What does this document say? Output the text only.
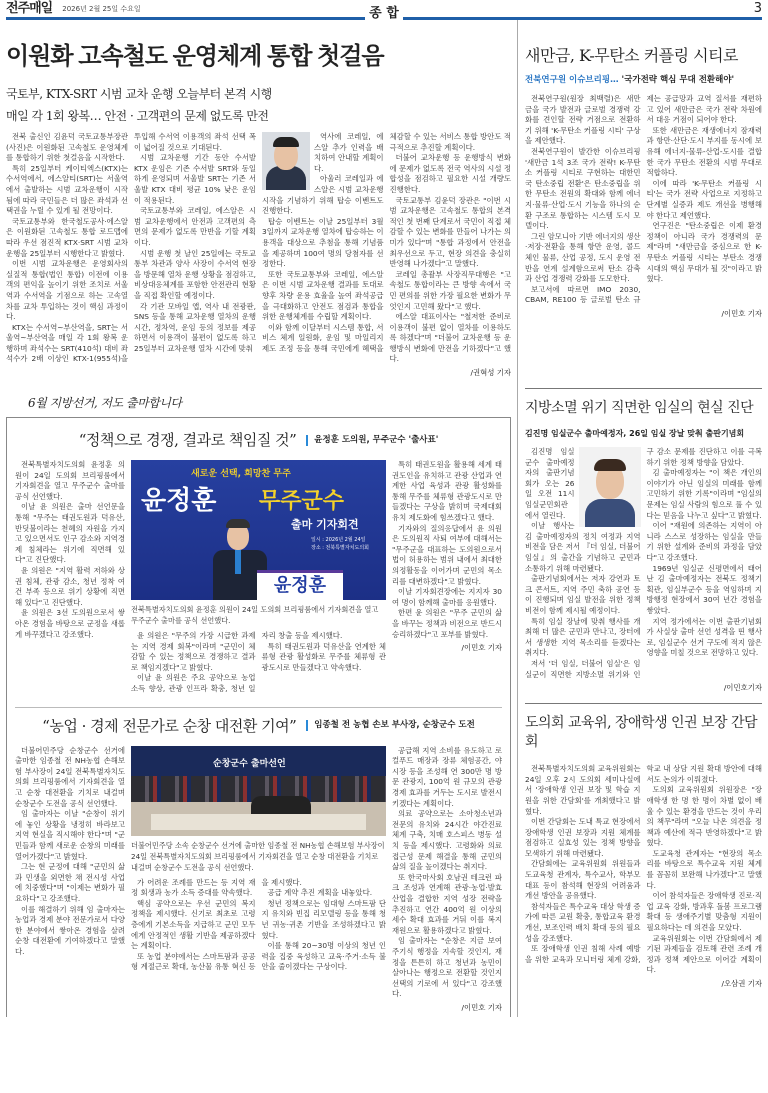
전주매일 2026년 2월 25일 수요일	종 합	3
이원화 고속철도 운영체계 통합 첫걸음
국토부, KTX-SRT 시범 교차 운행 오늘부터 본격 시행
매일 각 1회 왕복… 안전 · 고객편의 문제 없도록 만전

전북 출신인 김윤덕 국토교통부장관(사진)은 이원화된 고속철도 운영체계를 통합하기 위한 첫걸음을 시작한다.

특히 25일부터 케이티엑스(KTX)는 수서역에서, 에스알티(SRT)는 서울역에서 출발하는 시범 교차운행이 시작됨에 따라 국민들은 더 많은 좌석과 선택권을 누릴 수 있게 될 전망이다.

국토교통부와 한국철도공사·에스알은 이원화된 고속철도 통합 로드맵에 따라 우선 점진적 KTX·SRT 시범 교차운행을 25일부터 시행한다고 밝혔다.

이번 시범 교차운행은 운영회사의 실질적 통합(법인 통합) 이전에 이용객의 편익을 높이기 위한 조치로 서울역과 수서역을 기점으로 하는 고속열차를 교차 투입하는 것이 핵심 과정이다.

KTX는 수서역~부산역을, SRT는 서울역~부산역을 매일 각 1회 왕복 운행하며 좌석수는 SRT(410석) 대비 좌석수가 2배 이상인 KTX-1(955석)을 투입해 수서역 이용객의 좌석 선택 폭이 넓어질 것으로 기대된다.

시범 교차운행 기간 동안 수서발 KTX 운임은 기존 수서발 SRT와 동일하게 운영되며 서울발 SRT는 기존 서울발 KTX 대비 평균 10% 낮은 운임이 적용된다.

국토교통부와 코레일, 에스알은 시범 교차운행에서 안전과 고객편의 측면의 문제가 없도록 만반을 기할 계획이다.

시범 운행 첫 날인 25일에는 국토교통부 차관과 양사 사장이 수서역 현장을 방문해 열차 운행 상황을 점검하고, 비상대응체계를 포함한 안전관리 현황을 직접 확인할 예정이다.

각 기관 모바일 앱, 역사 내 전광판, SNS 등을 통해 교차운행 열차의 운행 시간, 정차역, 운임 등의 정보를 제공하면서 이용객이 불편이 없도록 하고 25일부터 교차운행 열차 시간에 맞춰

역사에 코레일, 에스알 추가 인력을 배치하여 안내할 계획이다.

아울러 코레일과 에스알은 시범 교차운행 시작을 기념하기 위해 탑승 이벤트도 진행한다.

탑승 이벤트는 이날 25일부터 3월 3일까지 교차운행 열차에 탑승하는 이용객을 대상으로 추첨을 통해 기념품을 제공하며 100여 명의 당첨자를 선정한다.

또한 국토교통부와 코레일, 에스알은 이번 시범 교차운행 결과를 토대로 향후 차량 운용 효율을 높여 좌석공급을 극대화하고 안전도 점검과 통합을 위한 운행체계를 수립할 계획이다.

이와 함께 이달부터 시스템 통합, 서비스 체계 일원화, 운임 및 마일리지 제도 조정 등을 통해 국민에게 혜택을 체감할 수 있는 서비스 통합 방안도 적극적으로 추진할 계획이다.

더불어 교차운행 등 운행방식 변화에 문제가 없도록 전국 역사의 시설 정합성을 점검하고 필요한 시설 개량도 진행한다.

국토교통부 김윤덕 장관은 "이번 시범 교차운행은 고속철도 통합의 본격적인 첫 번째 단계로서 국민이 직접 체감할 수 있는 변화를 만들어 나가는 의미가 있다"며 "통합 과정에서 안전을 최우선으로 두고, 현장 의견을 충실히 반영해 나가겠다"고 말했다.

코레일 총괄부 사장직무대행은 "고속철도 통합이라는 큰 방향 속에서 국민 편의를 위한 가장 필요한 변화가 무엇인지 고민해 왔다"고 했다.

에스알 대표이사는 "철저한 준비로 이용객이 불편 없이 열차를 이용하도록 하겠다"며 "더불어 교차운행 등 운행방식 변화에 만전을 기하겠다"고 했다.

/권혁성 기자
새만금, K-무탄소 커플링 시티로
전북연구원 이슈브리핑… '국가전략 핵심 무대 전환해야'

전북연구원(원장 최백렬)은 새만금을 국가 발전과 글로벌 경쟁력 강화를 견인할 전략 거점으로 전환하기 위해 'K-무탄소 커플링 시티' 구상을 제안했다.

전북연구원이 발간한 이슈브리핑 '새만금 1석 3조 국가 전략! K-무탄소 커플링 시티로 구현하는 대한민국 탄소중립 전환'은 탄소중립을 위한 무탄소 전원의 확대와 함께 에너지·물류·산업·도시 기능을 하나의 순환 구조로 통합하는 시스템 도시 모델이다.

그린 암모니아 기반 에너지의 생산·저장·전환을 통해 항만 운영, 콜드체인 물류, 산업 공정, 도시 운영 전반을 연계 설계함으로써 탄소 감축과 산업 경쟁력 강화를 도모한다.

보고서에 따르면 IMO 2030, CBAM, RE100 등 글로벌 탄소 규제는 공급망과 교역 질서를 재편하고 있어 새만금은 국가 전략 차원에서 대응 거점이 되어야 한다.

또한 새만금은 재생에너지 잠재력과 항만·산단·도시 부지를 동시에 보유해 에너지-물류-산업-도시를 결합한 국가 무탄소 전환의 시범 무대로 적합하다.

이에 따라 'K-무탄소 커플링 시티'는 국가 전략 사업으로 지정하고 단계별 실증과 제도 개선을 병행해야 한다고 제언했다.

연구진은 "탄소중립은 이제 환경 정책이 아니라 국가 경쟁력의 문제"라며 "새만금을 중심으로 한 K-무탄소 커플링 시티는 부탄소 경쟁 시대의 핵심 무대가 될 것"이라고 밝혔다.

/이민호 기자
6월 지방선거, 저도 출마합니다
“정책으로 경쟁, 결과로 책임질 것”	윤정훈 도의원, 무주군수 '출사표'

전북특별자치도의회 윤정훈 의원이 24일 도의회 브리핑룸에서 기자회견을 열고 무주군수 출마를 공식 선언했다.

이날 윤 의원은 출마 선언문을 통해 "무주는 태권도원과 덕유산, 반딧불이라는 천혜의 자원을 가지고 있으면서도 인구 감소와 지역경제 침체라는 위기에 직면해 있다"고 진단했다.

윤 의원은 "지역 활력 저하와 상권 침체, 관광 감소, 청년 정착 여건 부족 등으로 위기 상황에 직면해 있다"고 진단했다.

윤 의원은 3선 도의원으로서 쌓아온 경험을 바탕으로 군정을 새롭게 바꾸겠다고 강조했다.

새로운 선택, 희망찬 무주
윤정훈 무주군수
출마 기자회견
일시 : 2026년 2월 24일
장소 : 전북특별자치도의회
윤정훈
전북특별자치도의회 윤정훈 의원이 24일 도의회 브리핑룸에서 기자회견을 열고 무주군수 출마를 공식 선언했다.

윤 의원은 "무주의 가장 시급한 과제는 지역 경제 회복"이라며 "군민이 체감할 수 있는 정책으로 경쟁하고 결과로 책임지겠다"고 밝혔다.

이날 윤 의원은 주요 공약으로 농업 소득 향상, 관광 인프라 확충, 청년 일자리 창출 등을 제시했다.

특히 태권도원과 덕유산을 연계한 체류형 관광 활성화로 무주를 체류형 관광도시로 만들겠다고 약속했다.

특히 태권도원을 활용해 세계 태권도인을 유치하고 관광 산업과 연계한 사업 육성과 관광 활성화를 통해 무주를 체류형 관광도시로 만들겠다는 구상을 밝히며 국제대회 유치 제도화에 힘쓰겠다고 했다.

기자와의 질의응답에서 윤 의원은 도의원직 사퇴 여부에 대해서는 "무주군을 대표하는 도의원으로서 법이 허용하는 범위 내에서 최대한 의정활동을 이어가며 군민의 목소리를 대변하겠다"고 밝혔다.

이날 기자회견장에는 지지자 30여 명이 함께해 출마를 응원했다.

한편 윤 의원은 "무주 군민의 삶을 바꾸는 정책과 비전으로 반드시 승리하겠다"고 포부를 밝혔다.

/이민호 기자
“농업 · 경제 전문가로 순창 대전환 기여”	임종철 전 농협 손보 부사장, 순창군수 도전

더불어민주당 순창군수 선거에 출마한 임종철 전 NH농협 손해보험 부사장이 24일 전북특별자치도의회 브리핑룸에서 기자회견을 열고 순창 대전환을 기치로 내걸며 순창군수 도전을 공식 선언했다.

임 출마자는 이날 "순창이 위기에 놓인 상황을 냉정히 바라보고 지역 현실을 직시해야 한다"며 "군민들과 함께 새로운 순창의 미래를 열어가겠다"고 밝혔다.

그는 현 군정에 대해 "군민의 삶과 민생을 외면한 채 전시성 사업에 치중했다"며 "이제는 변화가 필요하다"고 강조했다.

이를 해결하기 위해 임 출마자는 농업과 경제 분야 전문가로서 다양한 분야에서 쌓아온 경험을 살려 순창 대전환에 기여하겠다고 말했다.

순창군수 출마선언
더불어민주당 소속 순창군수 선거에 출마한 임종철 전 NH농협 손해보험 부사장이 24일 전북특별자치도의회 브리핑룸에서 기자회견을 열고 순창 대전환을 기치로 내걸며 순창군수 도전을 공식 선언했다.

가 어려운 조례를 만드는 등 지역 재정 회생과 농가 소득 증대를 약속했다.

핵심 공약으로는 우선 군민의 복지 정책을 제시했다. 신기로 최초로 고령층에게 기본소득을 지급하고 군민 모두에게 안정적인 생활 기반을 제공하겠다는 계획이다.

또 농업 분야에서는 스마트팜과 공공형 계절근로 확대, 농산물 유통 혁신 등을 제시했다.

공급 계약 추진 계획을 내놓았다.

청년 정책으로는 임대형 스마트팜 단지 유치와 빈집 리모델링 등을 통해 청년 귀농·귀촌 기반을 조성하겠다고 밝혔다.

이를 통해 20~30명 이상의 청년 인력을 집중 육성하고 교육·주거·소득 불안을 줄이겠다는 구상이다.

공급해 지역 소비를 유도하고 로컬푸드 매장과 장류 체험공간, 야시장 등을 조성해 연 300만 명 방문 관광지, 100억 원 규모의 관광경제 효과를 거두는 도시로 발전시키겠다는 계획이다.

의료 공약으로는 소아청소년과 전문의 유치와 24시간 야간진료 체계 구축, 치매 호스피스 병동 설치 등을 제시했다. 고령화와 의료 접근성 문제 해결을 통해 군민의 삶의 질을 높이겠다는 취지다.

또 한국마사회 호남권 테크런 파크 조성과 연계해 관광·농업·발효산업을 결합한 지역 성장 전략을 추진하고 연간 400억 원 이상의 세수 확대 효과를 거둬 이를 복지 재원으로 활용하겠다고 밝혔다.

임 출마자는 "순창은 지금 보여주기식 행정을 지속할 것인지, 재정을 튼튼히 하고 청년과 농민이 살아나는 행정으로 전환할 것인지 선택의 기로에 서 있다"고 강조했다.

/이민호 기자
지방소멸 위기 직면한 임실의 현실 진단
김진명 임실군수 출마예정자, 26일 임실 장날 맞춰 출판기념회

김진명 임실군수 출마예정자의 출판기념회가 오는 26일 오전 11시 임실군민회관에서 열린다.

이날 행사는 김 출마예정자의 정치 여정과 지역 비전을 담은 저서 『더 임실, 더불어 임실』의 출간을 기념하고 군민과 소통하기 위해 마련됐다.

출판기념회에서는 저자 강연과 토크 콘서트, 지역 주민 축하 공연 등이 진행되며 임실 발전을 위한 정책 비전이 함께 제시될 예정이다.

특히 임실 장날에 맞춰 행사를 개최해 더 많은 군민과 만나고, 장터에서 생생한 지역 목소리를 듣겠다는 취지다.

저서 '더 임실, 더불어 임실'은 임실군이 직면한 지방소멸 위기와 인구 감소 문제를 진단하고 이를 극복하기 위한 정책 방향을 담았다.

김 출마예정자는 "이 책은 개인의 이야기가 아닌 임실의 미래를 함께 고민하기 위한 기록"이라며 "임실의 문제는 임실 사람의 힘으로 풀 수 있다는 믿음을 나누고 싶다"고 밝혔다.

이어 "재원에 의존하는 지역이 아니라 스스로 성장하는 임실을 만들기 위한 설계와 준비의 과정을 담았다"고 강조했다.

1969년 임실군 신평면에서 태어난 김 출마예정자는 전북도 정책기획관, 임실부군수 등을 역임하며 지방행정 현장에서 30여 년간 경험을 쌓았다.

지역 정가에서는 이번 출판기념회가 사실상 출마 선언 성격을 띤 행사로, 임실군수 선거 구도에 적지 않은 영향을 미칠 것으로 전망하고 있다.

/이민호기자
도의회 교육위, 장애학생 인권 보장 간담회

전북특별자치도의회 교육위원회는 24일 오후 2시 도의회 세미나실에서 '장애학생 인권 보장 및 학습 지원을 위한 간담회'를 개최했다고 밝혔다.

이번 간담회는 도내 특교 현장에서 장애학생 인권 보장과 지원 체계를 점검하고 실효성 있는 정책 방향을 모색하기 위해 마련됐다.

간담회에는 교육위원회 위원들과 도교육청 관계자, 특수교사, 학부모 대표 등이 참석해 현장의 어려움과 개선 방안을 공유했다.

참석자들은 특수교육 대상 학생 증가에 따른 교원 확충, 통합교육 환경 개선, 보조인력 배치 확대 등의 필요성을 강조했다.

또 장애학생 인권 침해 사례 예방을 위한 교육과 모니터링 체계 강화, 학교 내 상담 지원 확대 방안에 대해서도 논의가 이뤄졌다.

도의회 교육위원회 위원장은 "장애학생 한 명 한 명이 차별 없이 배울 수 있는 환경을 만드는 것이 우리의 책무"라며 "오늘 나온 의견을 정책과 예산에 적극 반영하겠다"고 밝혔다.

도교육청 관계자는 "현장의 목소리를 바탕으로 특수교육 지원 체계를 꼼꼼히 보완해 나가겠다"고 말했다.

이어 참석자들은 장애학생 진로·직업 교육 강화, 방과후 돌봄 프로그램 확대 등 생애주기별 맞춤형 지원이 필요하다는 데 의견을 모았다.

교육위원회는 이번 간담회에서 제기된 과제들을 검토해 관련 조례 개정과 정책 제안으로 이어갈 계획이다.

/오삼권 기자
